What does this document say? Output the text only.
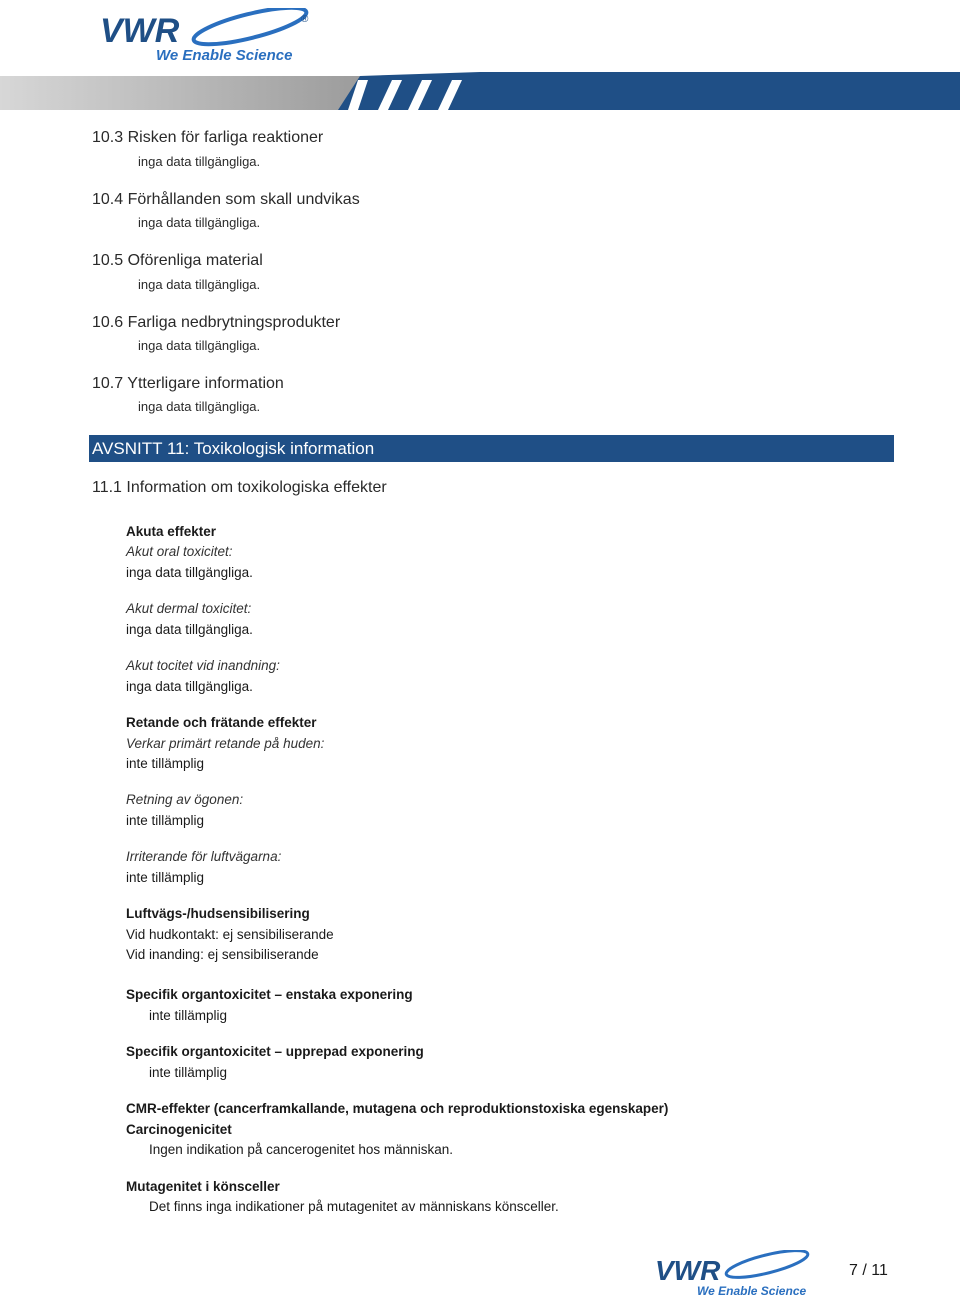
VWR
We Enable Science
®
10.3 Risken för farliga reaktioner
inga data tillgängliga.
10.4 Förhållanden som skall undvikas
inga data tillgängliga.
10.5 Oförenliga material
inga data tillgängliga.
10.6 Farliga nedbrytningsprodukter
inga data tillgängliga.
10.7 Ytterligare information
inga data tillgängliga.
AVSNITT 11: Toxikologisk information
11.1 Information om toxikologiska effekter
Akuta effekter
Akut oral toxicitet:
inga data tillgängliga.
Akut dermal toxicitet:
inga data tillgängliga.
Akut tocitet vid inandning:
inga data tillgängliga.
Retande och frätande effekter
Verkar primärt retande på huden:
inte tillämplig
Retning av ögonen:
inte tillämplig
Irriterande för luftvägarna:
inte tillämplig
Luftvägs-/hudsensibilisering
Vid hudkontakt: ej sensibiliserande
Vid inanding: ej sensibiliserande
Specifik organtoxicitet – enstaka exponering
inte tillämplig
Specifik organtoxicitet – upprepad exponering
inte tillämplig
CMR-effekter (cancerframkallande, mutagena och reproduktionstoxiska egenskaper)
Carcinogenicitet
Ingen indikation på cancerogenitet hos människan.
Mutagenitet i könsceller
Det finns inga indikationer på mutagenitet av människans könsceller.
VWR
We Enable Science
7 / 11
